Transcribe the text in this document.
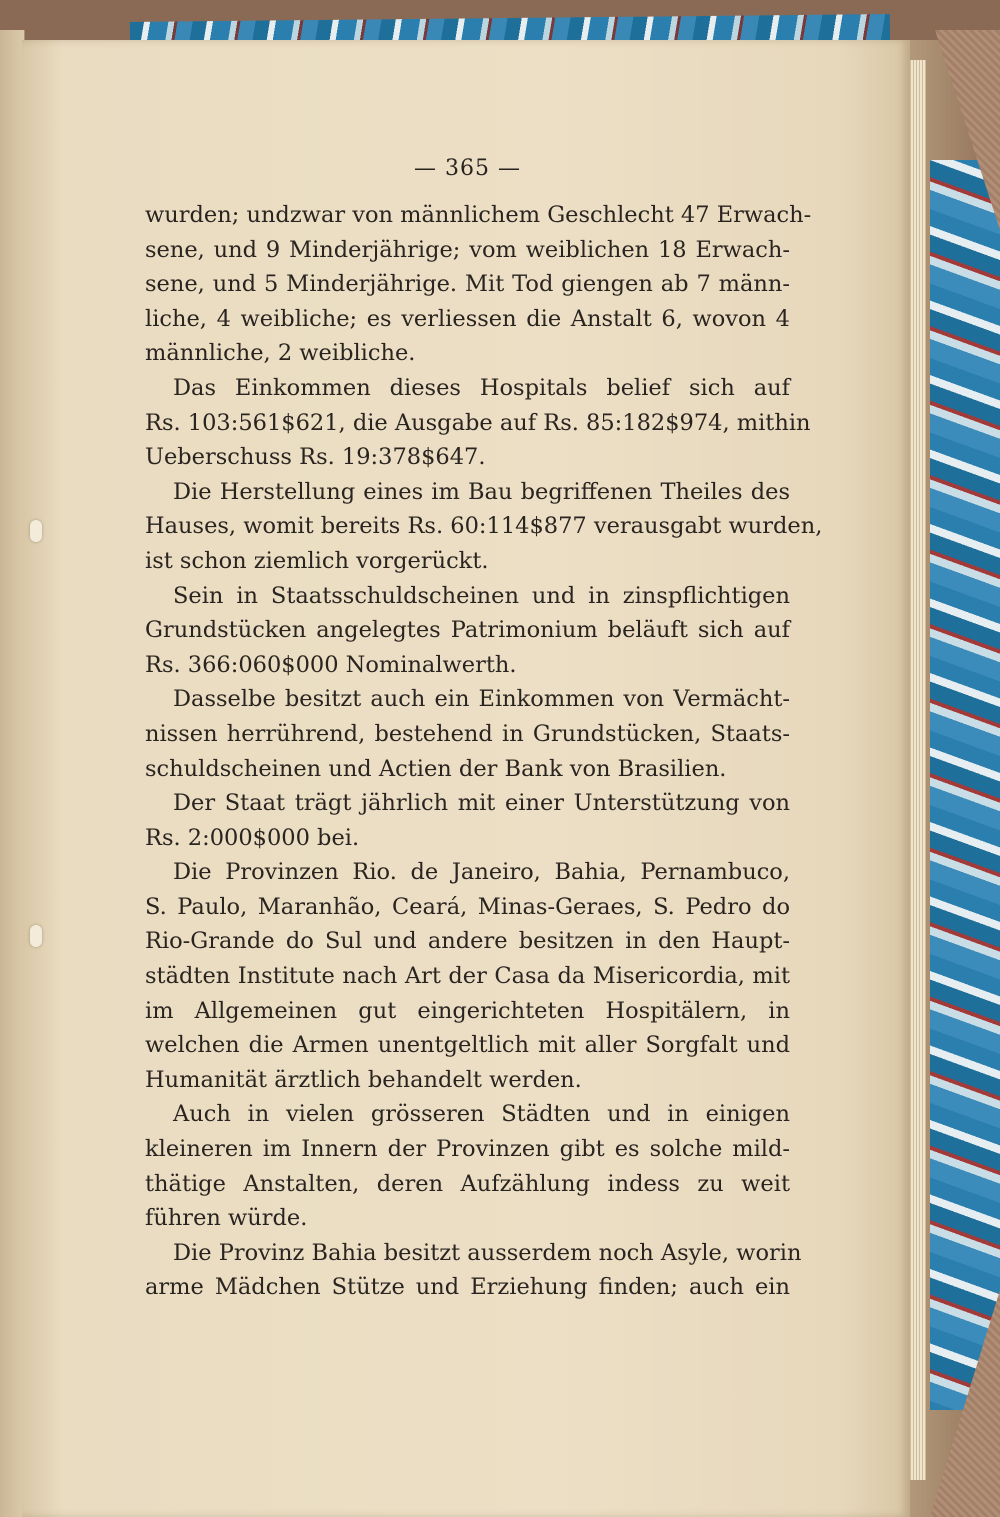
— 365 —
wurden; undzwar von männlichem Geschlecht 47 Erwach-
sene, und 9 Minderjährige; vom weiblichen 18 Erwach-
sene, und 5 Minderjährige. Mit Tod giengen ab 7 männ-
liche, 4 weibliche; es verliessen die Anstalt 6, wovon 4
männliche, 2 weibliche.
Das Einkommen dieses Hospitals belief sich auf
Rs. 103:561$621, die Ausgabe auf Rs. 85:182$974, mithin
Ueberschuss Rs. 19:378$647.
Die Herstellung eines im Bau begriffenen Theiles des
Hauses, womit bereits Rs. 60:114$877 verausgabt wurden,
ist schon ziemlich vorgerückt.
Sein in Staatsschuldscheinen und in zinspflichtigen
Grundstücken angelegtes Patrimonium beläuft sich auf
Rs. 366:060$000 Nominalwerth.
Dasselbe besitzt auch ein Einkommen von Vermächt-
nissen herrührend, bestehend in Grundstücken, Staats-
schuldscheinen und Actien der Bank von Brasilien.
Der Staat trägt jährlich mit einer Unterstützung von
Rs. 2:000$000 bei.
Die Provinzen Rio. de Janeiro, Bahia, Pernambuco,
S. Paulo, Maranhão, Ceará, Minas-Geraes, S. Pedro do
Rio-Grande do Sul und andere besitzen in den Haupt-
städten Institute nach Art der Casa da Misericordia, mit
im Allgemeinen gut eingerichteten Hospitälern, in
welchen die Armen unentgeltlich mit aller Sorgfalt und
Humanität ärztlich behandelt werden.
Auch in vielen grösseren Städten und in einigen
kleineren im Innern der Provinzen gibt es solche mild-
thätige Anstalten, deren Aufzählung indess zu weit
führen würde.
Die Provinz Bahia besitzt ausserdem noch Asyle, worin
arme Mädchen Stütze und Erziehung finden; auch ein
